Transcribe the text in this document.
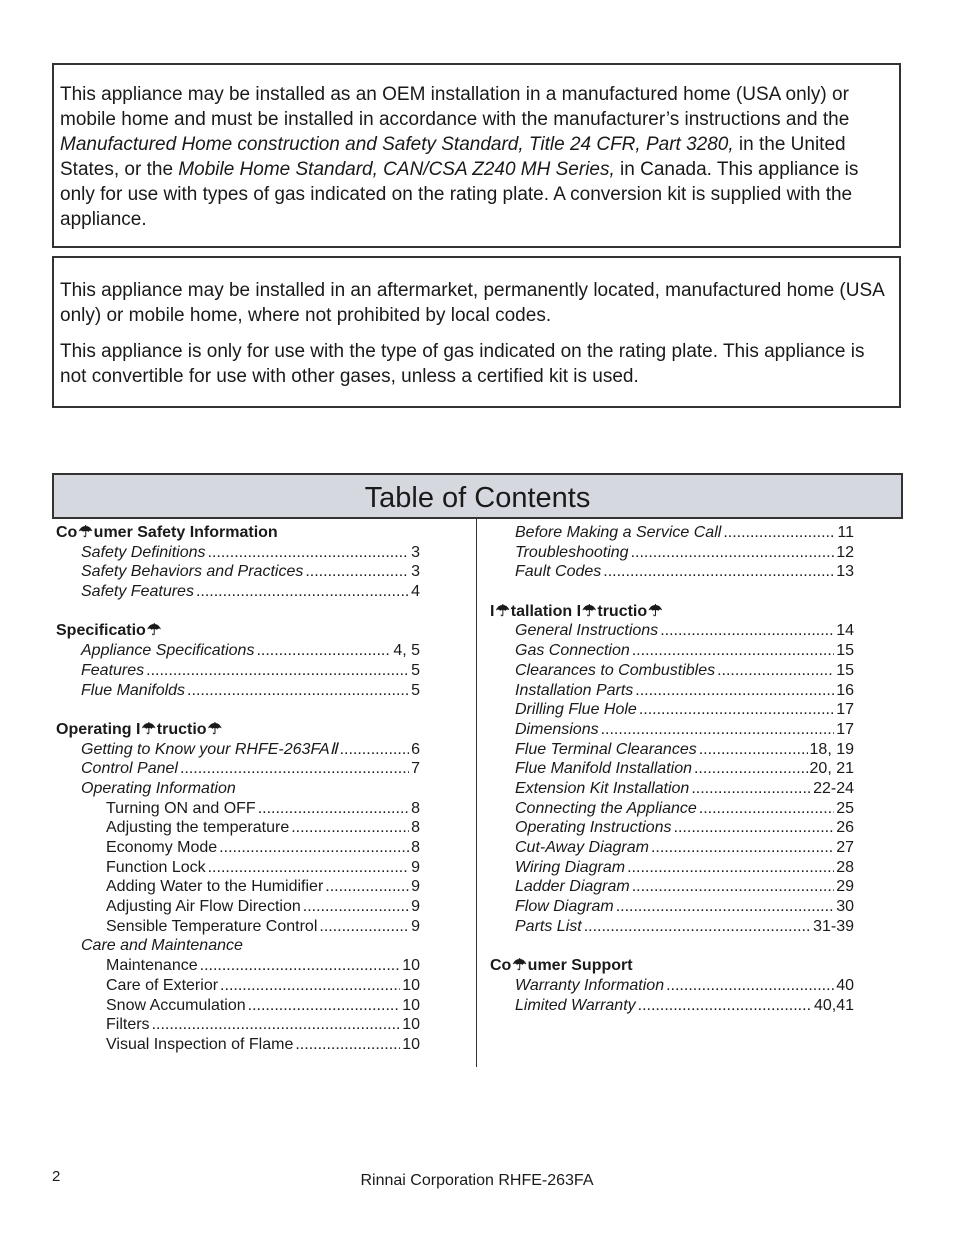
This appliance may be installed as an OEM installation in a manufactured home (USA only) or mobile home and must be installed in accordance with the manufacturer’s instructions and the Manufactured Home construction and Safety Standard, Title 24 CFR, Part 3280, in the United States, or the Mobile Home Standard, CAN/CSA Z240 MH Series, in Canada. This appliance is only for use with types of gas indicated on the rating plate. A conversion kit is supplied with the appliance.

This appliance may be installed in an aftermarket, permanently located, manufactured home (USA only) or mobile home, where not prohibited by local codes.

This appliance is only for use with the type of gas indicated on the rating plate. This appliance is not convertible for use with other gases, unless a certified kit is used.

Table of Contents
Co☂umer Safety Information
Safety Definitions .....	3
Safety Behaviors and Practices .....	3
Safety Features .....	4
Specificatio☂
Appliance Specifications .....	4, 5
Features .....	5
Flue Manifolds .....	5
Operating I☂tructio☂
Getting to Know your RHFE-263FAⅡ .....	6
Control Panel .....	7
Operating Information
Turning ON and OFF .....	8
Adjusting the temperature .....	8
Economy Mode .....	8
Function Lock .....	9
Adding Water to the Humidifier .....	9
Adjusting Air Flow Direction .....	9
Sensible Temperature Control .....	9
Care and Maintenance
Maintenance .....	10
Care of Exterior .....	10
Snow Accumulation .....	10
Filters .....	10
Visual Inspection of Flame .....	10
Before Making a Service Call .....	11
Troubleshooting .....	12
Fault Codes .....	13
I☂tallation I☂tructio☂
General Instructions .....	14
Gas Connection .....	15
Clearances to Combustibles .....	15
Installation Parts .....	16
Drilling Flue Hole .....	17
Dimensions .....	17
Flue Terminal Clearances .....	18, 19
Flue Manifold Installation .....	20, 21
Extension Kit Installation .....	22-24
Connecting the Appliance .....	25
Operating Instructions .....	26
Cut-Away Diagram .....	27
Wiring Diagram .....	28
Ladder Diagram .....	29
Flow Diagram .....	30
Parts List .....	31-39
Co☂umer Support
Warranty Information .....	40
Limited Warranty .....	40,41
2	Rinnai Corporation RHFE-263FA
